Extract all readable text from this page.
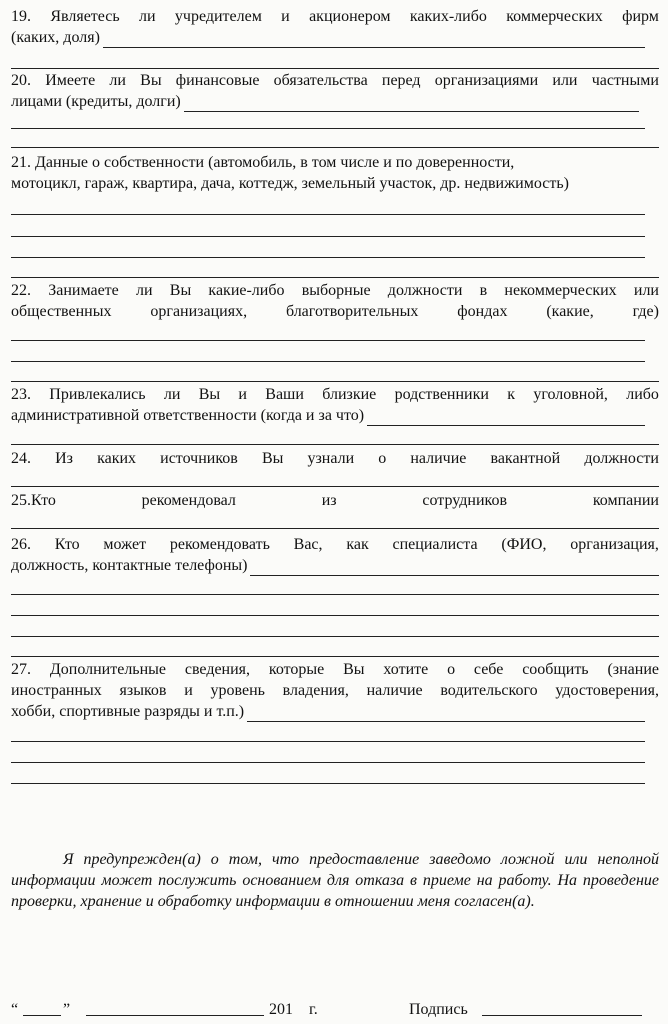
19. Являетесь ли учредителем и акционером каких-либо коммерческих фирм
(каких, доля)
20. Имеете ли Вы финансовые обязательства перед организациями или частными
лицами (кредиты, долги)
21. Данные о собственности (автомобиль, в том числе и по доверенности,
мотоцикл, гараж, квартира, дача, коттедж, земельный участок, др. недвижимость)
22. Занимаете ли Вы какие-либо выборные должности в некоммерческих или
общественных организациях, благотворительных фондах (какие, где)
23. Привлекались ли Вы и Ваши близкие родственники к уголовной, либо
административной ответственности (когда и за что)
24. Из каких источников Вы узнали о наличие вакантной должности
25.Кто	рекомендовал	из	сотрудников	компании
26. Кто может рекомендовать Вас, как специалиста (ФИО, организация,
должность, контактные телефоны)
27. Дополнительные сведения, которые Вы хотите о себе сообщить (знание
иностранных языков и уровень владения, наличие водительского удостоверения,
хобби, спортивные разряды и т.п.)
Я предупрежден(а) о том, что предоставление заведомо ложной или неполной информации может послужить основанием для отказа в приеме на работу. На проведение проверки, хранение и обработку информации в отношении меня согласен(а).
“	”	201 г.	Подпись
